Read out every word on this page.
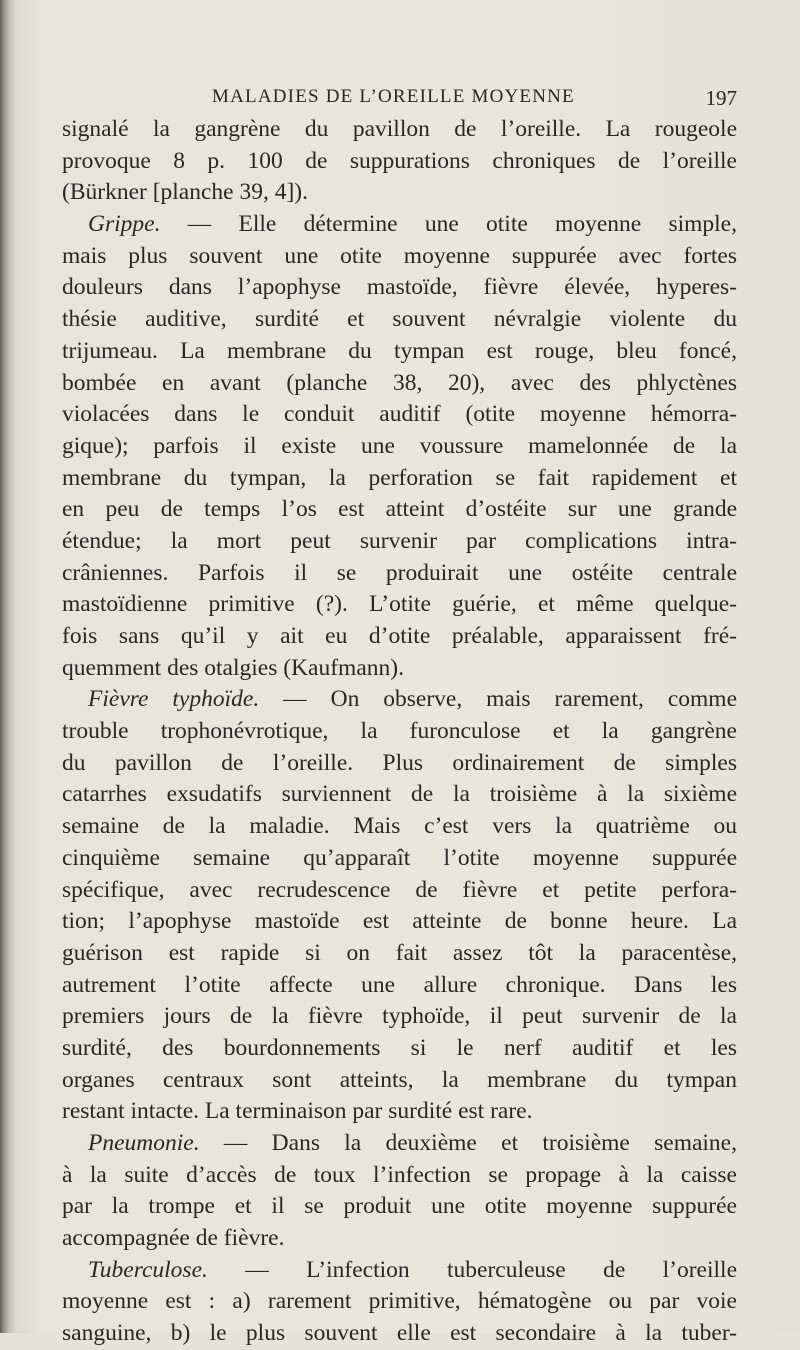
MALADIES DE L’OREILLE MOYENNE	197
signalé la gangrène du pavillon de l’oreille. La rougeole
provoque 8 p. 100 de suppurations chroniques de l’oreille
(Bürkner [planche 39, 4]).
Grippe. — Elle détermine une otite moyenne simple,
mais plus souvent une otite moyenne suppurée avec fortes
douleurs dans l’apophyse mastoïde, fièvre élevée, hyperes-
thésie auditive, surdité et souvent névralgie violente du
trijumeau. La membrane du tympan est rouge, bleu foncé,
bombée en avant (planche 38, 20), avec des phlyctènes
violacées dans le conduit auditif (otite moyenne hémorra-
gique); parfois il existe une voussure mamelonnée de la
membrane du tympan, la perforation se fait rapidement et
en peu de temps l’os est atteint d’ostéite sur une grande
étendue; la mort peut survenir par complications intra-
crâniennes. Parfois il se produirait une ostéite centrale
mastoïdienne primitive (?). L’otite guérie, et même quelque-
fois sans qu’il y ait eu d’otite préalable, apparaissent fré-
quemment des otalgies (Kaufmann).
Fièvre typhoïde. — On observe, mais rarement, comme
trouble trophonévrotique, la furonculose et la gangrène
du pavillon de l’oreille. Plus ordinairement de simples
catarrhes exsudatifs surviennent de la troisième à la sixième
semaine de la maladie. Mais c’est vers la quatrième ou
cinquième semaine qu’apparaît l’otite moyenne suppurée
spécifique, avec recrudescence de fièvre et petite perfora-
tion; l’apophyse mastoïde est atteinte de bonne heure. La
guérison est rapide si on fait assez tôt la paracentèse,
autrement l’otite affecte une allure chronique. Dans les
premiers jours de la fièvre typhoïde, il peut survenir de la
surdité, des bourdonnements si le nerf auditif et les
organes centraux sont atteints, la membrane du tympan
restant intacte. La terminaison par surdité est rare.
Pneumonie. — Dans la deuxième et troisième semaine,
à la suite d’accès de toux l’infection se propage à la caisse
par la trompe et il se produit une otite moyenne suppurée
accompagnée de fièvre.
Tuberculose. — L’infection tuberculeuse de l’oreille
moyenne est : a) rarement primitive, hématogène ou par voie
sanguine, b) le plus souvent elle est secondaire à la tuber-
